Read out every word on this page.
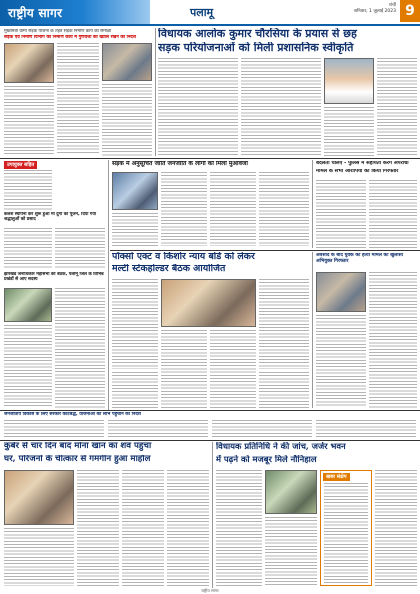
राष्ट्रीय सागर	पलामू
रांची
शनिवार, 1 जुलाई 2023 9
मुख्यमंत्री ग्राम्य सड़क योजना के तहत सड़क निर्माण कार्य की समीक्षा
सड़क एवं निर्माण विभाग का निर्माण कार्य में गुणवत्ता का ख्याल रखने का निर्देश	विधायक आलोक कुमार चौरसिया के प्रयास से छह
सड़क परियोजनाओं को मिली प्रशासनिक स्वीकृति
उपायुक्त सहित
कलश स्थापना कर शुरू हुआ मां दुर्गा का पूजन, दिया गया श्रद्धालुओं को प्रसाद
झारखंड जनाधिकार महासभा की बैठक, पलामू जिले के विभिन्न प्रखंडों से आए सदस्य
सड़क में अनुसूचित जाति जनजाति के लोगों को मिला मुआवजा	बदलती चलिए - पुलिस में सहायता करेंगे अपराधी
मामले के सभी आरोपियों को किया गिरफ्तार
पॉक्सो एक्ट व किशोर न्याय बोर्ड को लेकर
मल्टी स्टेकहोल्डर बैठक आयोजित
अवसाद के बाद युवक की हत्या मामले का खुलासा अभियुक्त गिरफ्तार
जनजातीय विकास के लिए सरकार कटिबद्ध, योजनाओं का लाभ पहुंचाने का निर्देश
कुबेर से चार दिन बाद मोना खान का शव पहुंचा
घर, परिजनों के चीत्कार से गमगीन हुआ माहौल
विधायक प्रतिनिधि ने की जांच, जर्जर भवन
में पढ़ने को मजबूर मिले नौनिहाल
खबर संक्षेप
राष्ट्रीय सागर
